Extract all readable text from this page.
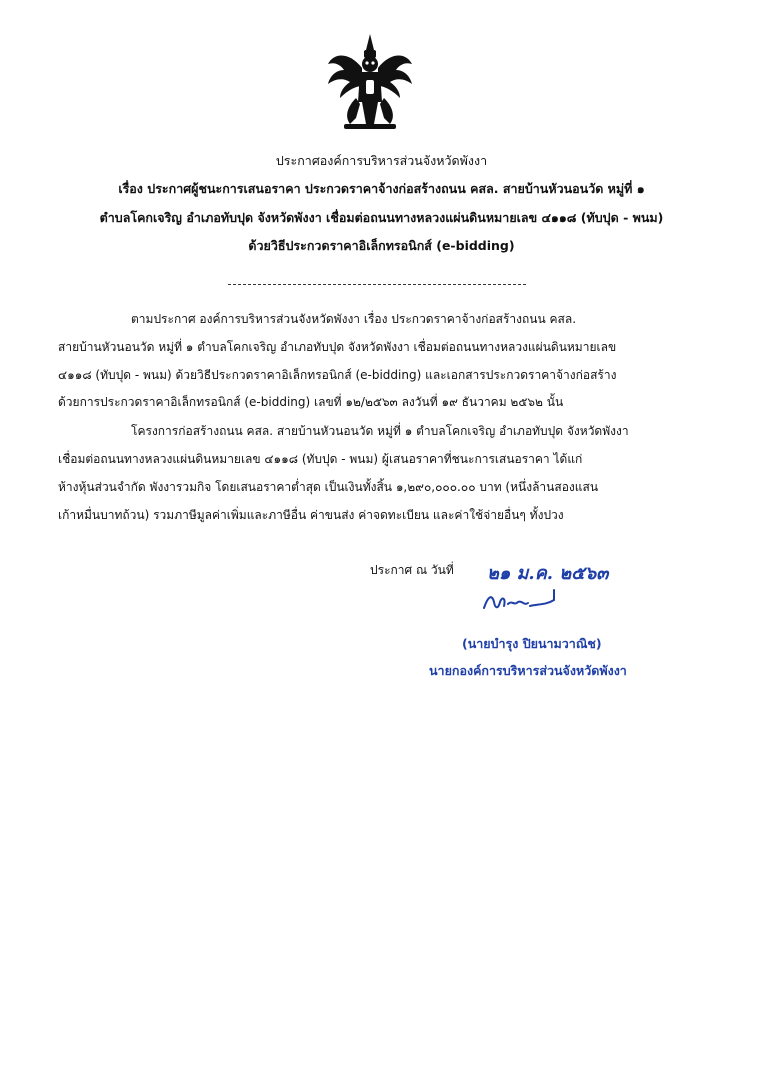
ประกาศองค์การบริหารส่วนจังหวัดพังงา
เรื่อง ประกาศผู้ชนะการเสนอราคา ประกวดราคาจ้างก่อสร้างถนน คสล. สายบ้านหัวนอนวัด หมู่ที่ ๑
ตำบลโคกเจริญ อำเภอทับปุด จังหวัดพังงา เชื่อมต่อถนนทางหลวงแผ่นดินหมายเลข ๔๑๑๘ (ทับปุด - พนม)
ด้วยวิธีประกวดราคาอิเล็กทรอนิกส์ (e-bidding)
ตามประกาศ องค์การบริหารส่วนจังหวัดพังงา เรื่อง ประกวดราคาจ้างก่อสร้างถนน คสล.
สายบ้านหัวนอนวัด หมู่ที่ ๑ ตำบลโคกเจริญ อำเภอทับปุด จังหวัดพังงา เชื่อมต่อถนนทางหลวงแผ่นดินหมายเลข
๔๑๑๘ (ทับปุด - พนม) ด้วยวิธีประกวดราคาอิเล็กทรอนิกส์ (e-bidding) และเอกสารประกวดราคาจ้างก่อสร้าง
ด้วยการประกวดราคาอิเล็กทรอนิกส์ (e-bidding) เลขที่ ๑๒/๒๕๖๓ ลงวันที่ ๑๙ ธันวาคม ๒๕๖๒ นั้น
โครงการก่อสร้างถนน คสล. สายบ้านหัวนอนวัด หมู่ที่ ๑ ตำบลโคกเจริญ อำเภอทับปุด จังหวัดพังงา
เชื่อมต่อถนนทางหลวงแผ่นดินหมายเลข ๔๑๑๘ (ทับปุด - พนม) ผู้เสนอราคาที่ชนะการเสนอราคา ได้แก่
ห้างหุ้นส่วนจำกัด พังงารวมกิจ โดยเสนอราคาต่ำสุด เป็นเงินทั้งสิ้น ๑,๒๙๐,๐๐๐.๐๐ บาท (หนึ่งล้านสองแสน
เก้าหมื่นบาทถ้วน) รวมภาษีมูลค่าเพิ่มและภาษีอื่น ค่าขนส่ง ค่าจดทะเบียน และค่าใช้จ่ายอื่นๆ ทั้งปวง
ประกาศ ณ วันที่ ๒๑ ม.ค. ๒๕๖๓
(นายบำรุง ปิยนามวาณิช)
นายกองค์การบริหารส่วนจังหวัดพังงา
